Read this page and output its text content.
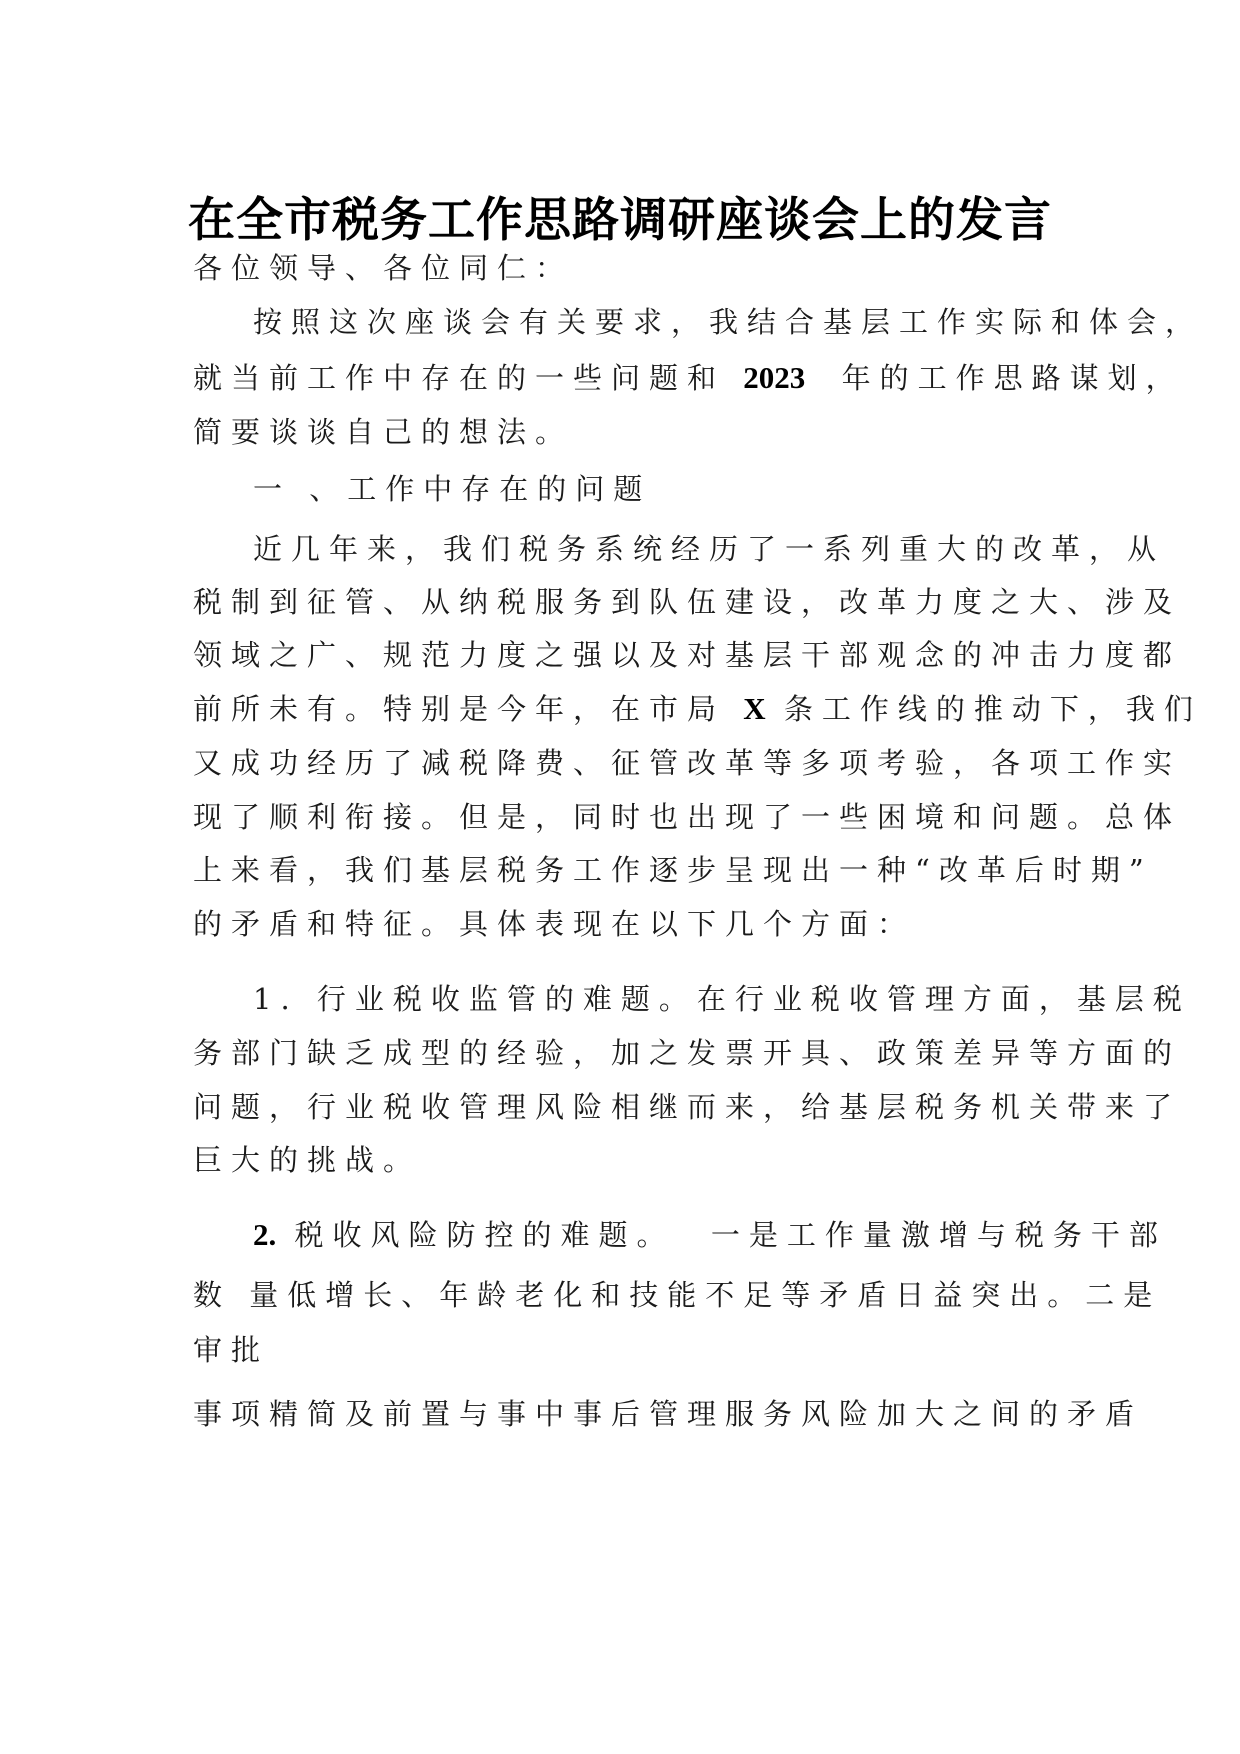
在全市税务工作思路调研座谈会上的发言
各位领导、各位同仁：
按照这次座谈会有关要求，我结合基层工作实际和体会，
就当前工作中存在的一些问题和 2023  年的工作思路谋划，
简要谈谈自己的想法。
一 、工作中存在的问题
近几年来，我们税务系统经历了一系列重大的改革，从
税制到征管、从纳税服务到队伍建设，改革力度之大、涉及
领域之广、规范力度之强以及对基层干部观念的冲击力度都
前所未有。特别是今年，在市局 X 条工作线的推动下，我们
又成功经历了减税降费、征管改革等多项考验，各项工作实
现了顺利衔接。但是，同时也出现了一些困境和问题。总体
上来看，我们基层税务工作逐步呈现出一种“改革后时期”
的矛盾和特征。具体表现在以下几个方面：
1. 行业税收监管的难题。在行业税收管理方面，基层税
务部门缺乏成型的经验，加之发票开具、政策差异等方面的
问题，行业税收管理风险相继而来，给基层税务机关带来了
巨大的挑战。
2. 税收风险防控的难题。  一是工作量激增与税务干部
数 量低增长、年龄老化和技能不足等矛盾日益突出。二是
审批
事项精简及前置与事中事后管理服务风险加大之间的矛盾
